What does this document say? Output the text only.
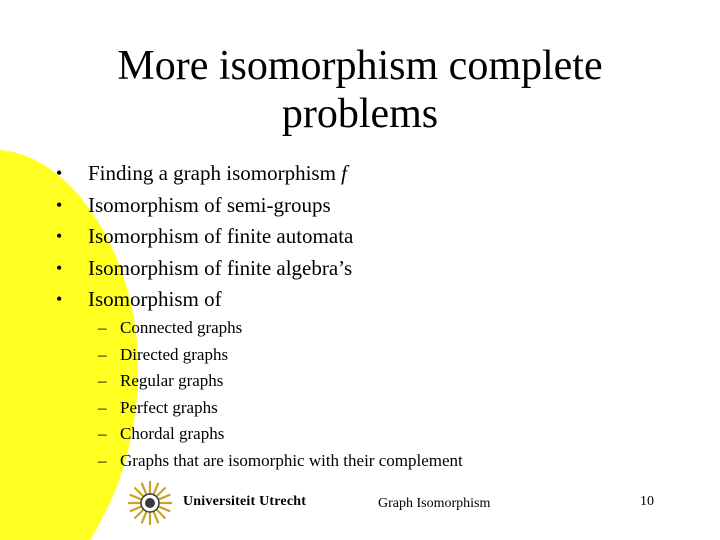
More isomorphism complete problems
• Finding a graph isomorphism f
• Isomorphism of semi-groups
• Isomorphism of finite automata
• Isomorphism of finite algebra’s
• Isomorphism of
– Connected graphs
– Directed graphs
– Regular graphs
– Perfect graphs
– Chordal graphs
– Graphs that are isomorphic with their complement
Universiteit Utrecht	Graph Isomorphism	10
